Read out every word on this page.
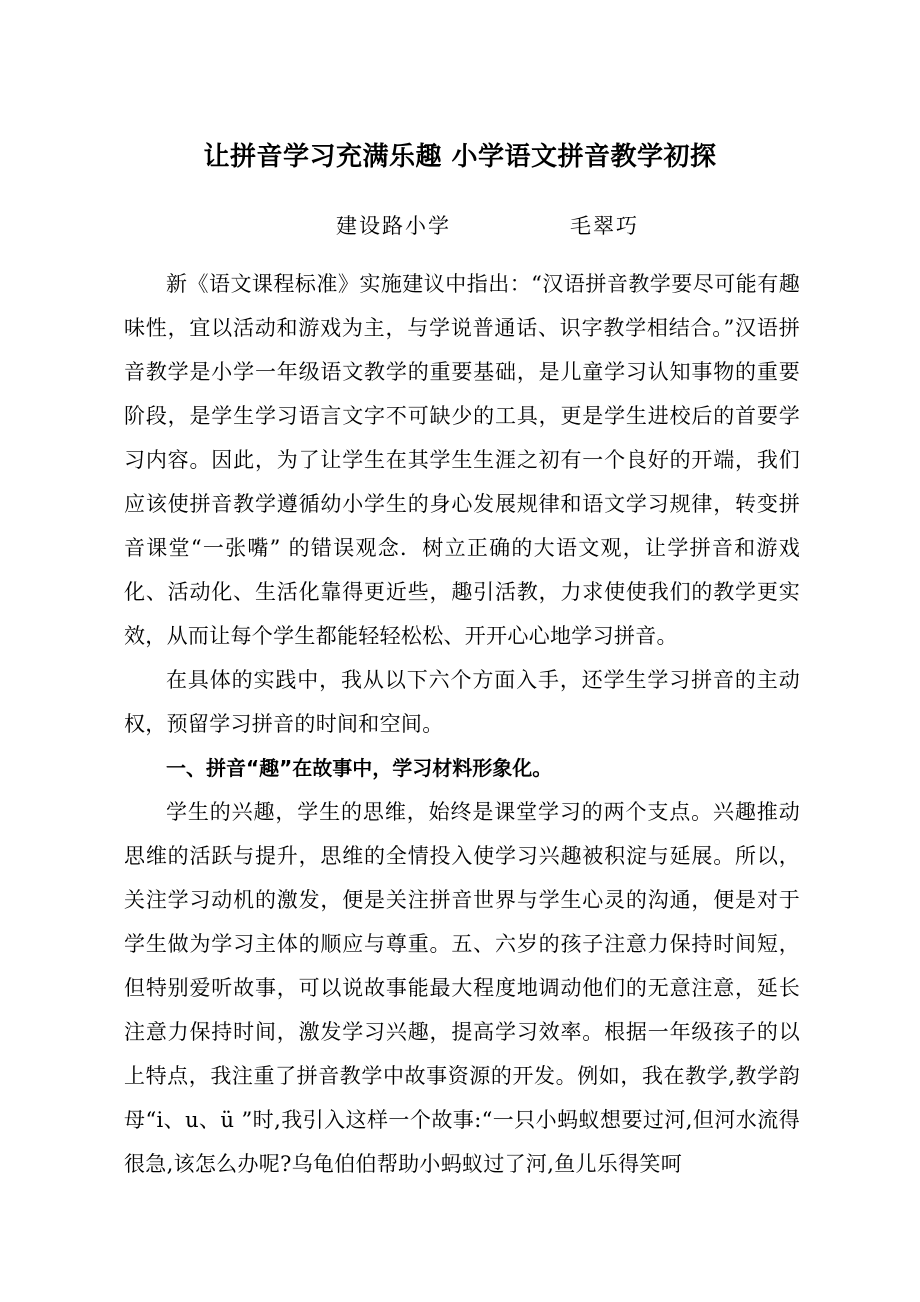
让拼音学习充满乐趣 小学语文拼音教学初探
建设路小学	毛翠巧

新《语文课程标准》实施建议中指出：“汉语拼音教学要尽可能有趣味性，宜以活动和游戏为主，与学说普通话、识字教学相结合。”汉语拼音教学是小学一年级语文教学的重要基础，是儿童学习认知事物的重要阶段，是学生学习语言文字不可缺少的工具，更是学生进校后的首要学习内容。因此，为了让学生在其学生生涯之初有一个良好的开端，我们应该使拼音教学遵循幼小学生的身心发展规律和语文学习规律，转变拼音课堂“一张嘴” 的错误观念．树立正确的大语文观，让学拼音和游戏化、活动化、生活化靠得更近些，趣引活教，力求使使我们的教学更实效，从而让每个学生都能轻轻松松、开开心心地学习拼音。

在具体的实践中，我从以下六个方面入手，还学生学习拼音的主动权，预留学习拼音的时间和空间。

一、拼音“趣”在故事中，学习材料形象化。

学生的兴趣，学生的思维，始终是课堂学习的两个支点。兴趣推动思维的活跃与提升，思维的全情投入使学习兴趣被积淀与延展。所以，关注学习动机的激发，便是关注拼音世界与学生心灵的沟通，便是对于学生做为学习主体的顺应与尊重。五、六岁的孩子注意力保持时间短，但特别爱听故事，可以说故事能最大程度地调动他们的无意注意，延长注意力保持时间，激发学习兴趣，提高学习效率。根据一年级孩子的以上特点，我注重了拼音教学中故事资源的开发。例如，我在教学,教学韵母“i、u、ü ”时,我引入这样一个故事:“一只小蚂蚁想要过河,但河水流得很急,该怎么办呢?乌龟伯伯帮助小蚂蚁过了河,鱼儿乐得笑呵
